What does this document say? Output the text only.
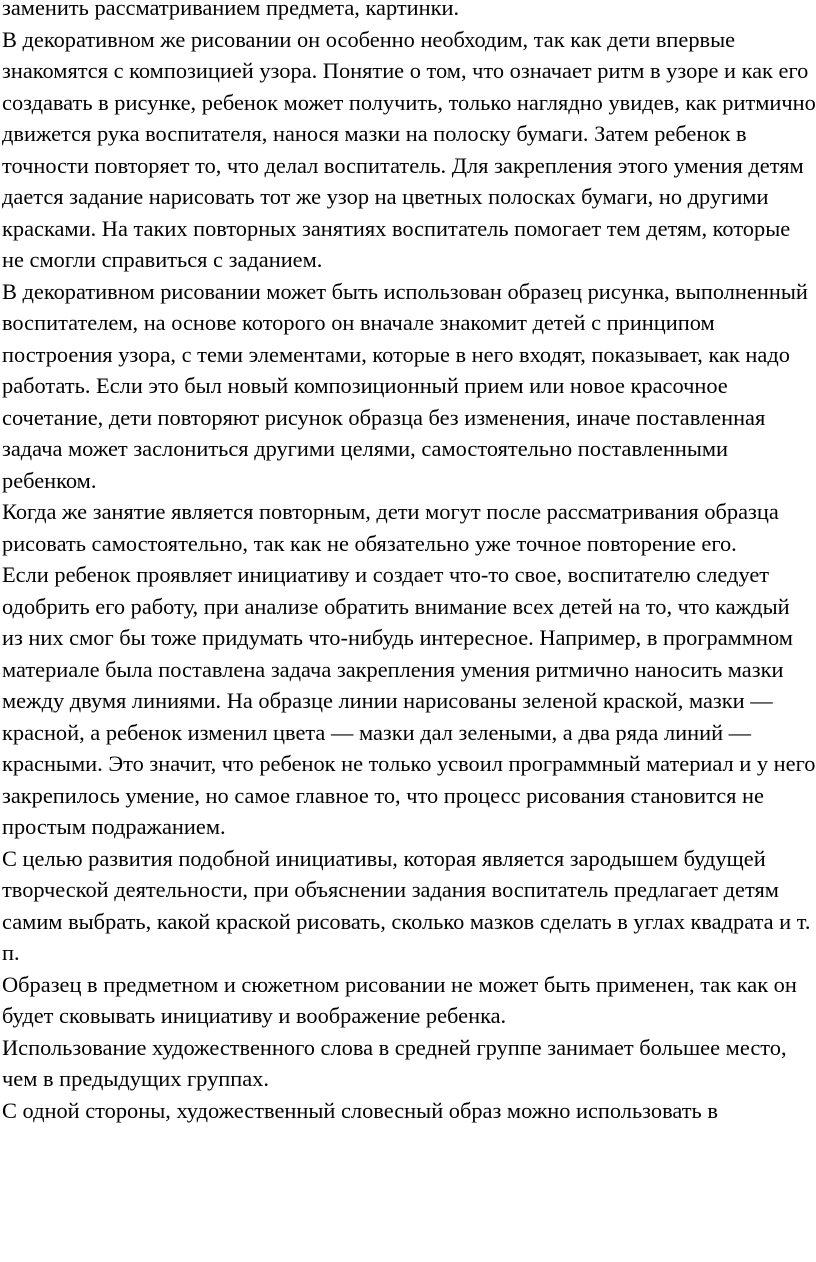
заменить рассматриванием предмета, картинки.

В декоративном же рисовании он особенно необходим, так как дети впервые знакомятся с композицией узора. Понятие о том, что означает ритм в узоре и как его создавать в рисунке, ребенок может получить, только наглядно увидев, как ритмично движется рука воспитателя, нанося мазки на полоску бумаги. Затем ребенок в точности повторяет то, что делал воспитатель. Для закрепления этого умения детям дается задание нарисовать тот же узор на цветных полосках бумаги, но другими красками. На таких повторных занятиях воспитатель помогает тем детям, которые не смогли справиться с заданием.

В декоративном рисовании может быть использован образец рисунка, выполненный воспитателем, на основе которого он вначале знакомит детей с принципом построения узора, с теми элементами, которые в него входят, показывает, как надо работать. Если это был новый композиционный прием или новое красочное сочетание, дети повторяют рисунок образца без изменения, иначе поставленная задача может заслониться другими целями, самостоятельно поставленными ребенком.

Когда же занятие является повторным, дети могут после рассматривания образца рисовать самостоятельно, так как не обязательно уже точное повторение его.

Если ребенок проявляет инициативу и создает что-то свое, воспитателю следует одобрить его работу, при анализе обратить внимание всех детей на то, что каждый из них смог бы тоже придумать что-нибудь интересное. Например, в программном материале была поставлена задача закрепления умения ритмично наносить мазки между двумя линиями. На образце линии нарисованы зеленой краской, мазки — красной, а ребенок изменил цвета — мазки дал зелеными, а два ряда линий — красными. Это значит, что ребенок не только усвоил программный материал и у него закрепилось умение, но самое главное то, что процесс рисования становится не простым подражанием.

С целью развития подобной инициативы, которая является зародышем будущей творческой деятельности, при объяснении задания воспитатель предлагает детям самим выбрать, какой краской рисовать, сколько мазков сделать в углах квадрата и т. п.

Образец в предметном и сюжетном рисовании не может быть применен, так как он будет сковывать инициативу и воображение ребенка.

Использование художественного слова в средней группе занимает большее место, чем в предыдущих группах.

С одной стороны, художественный словесный образ можно использовать в
